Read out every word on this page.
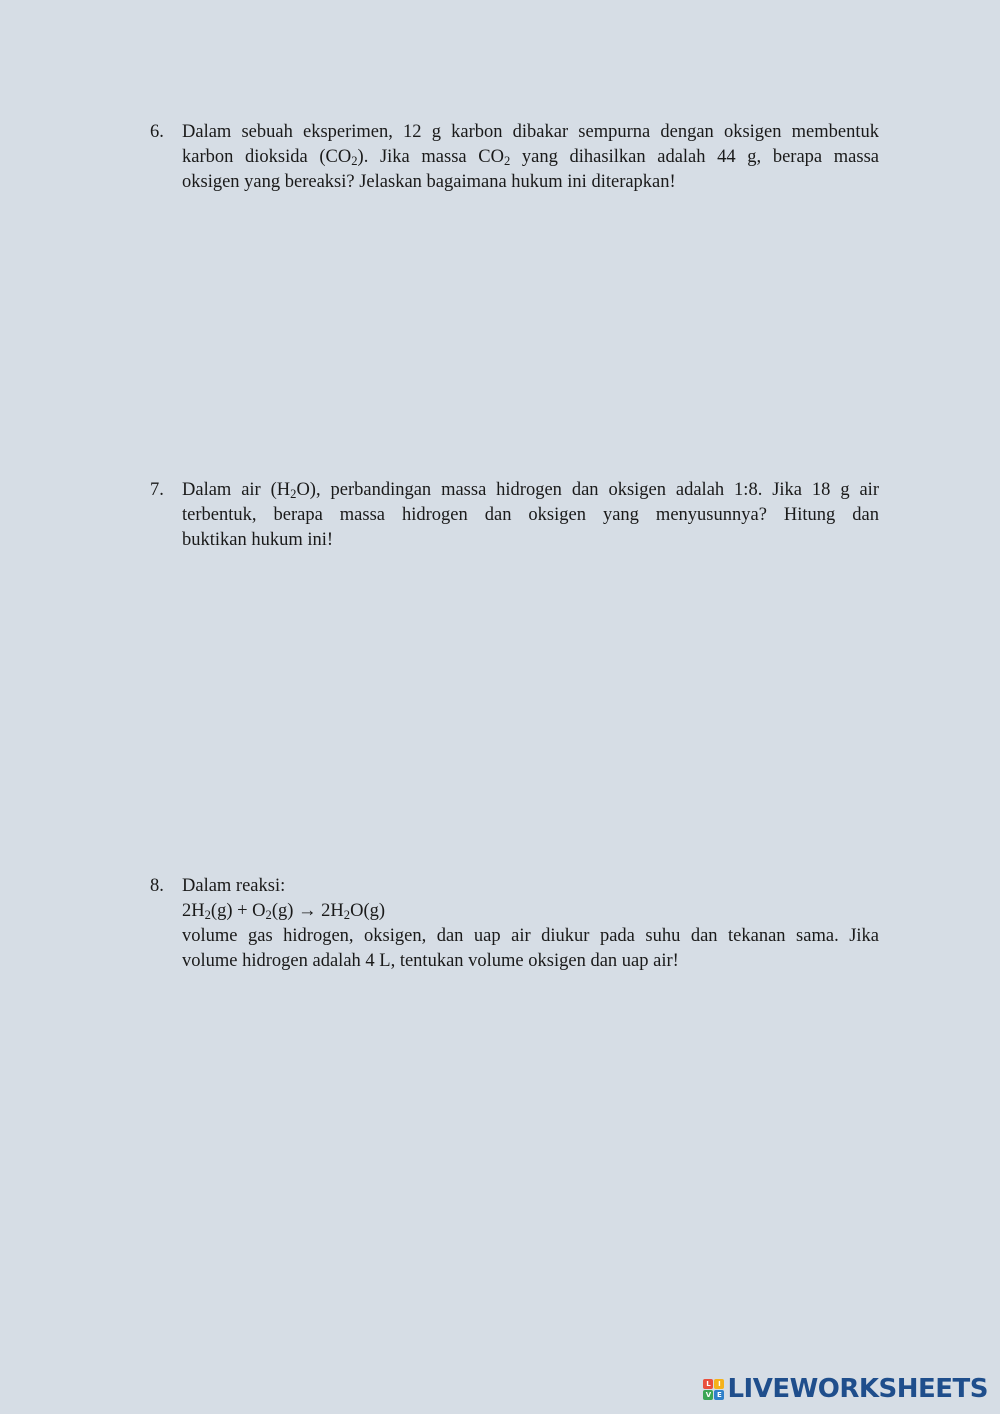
6. Dalam sebuah eksperimen, 12 g karbon dibakar sempurna dengan oksigen membentuk
karbon dioksida $(CO_2)$. Jika massa $CO_2$ yang dihasilkan adalah 44 g, berapa massa
oksigen yang bereaksi? Jelaskan bagaimana hukum ini diterapkan!
7. Dalam air $(H_2O)$, perbandingan massa hidrogen dan oksigen adalah 1:8. Jika 18 g air
terbentuk, berapa massa hidrogen dan oksigen yang menyusunnya? Hitung dan
buktikan hukum ini!
8. Dalam reaksi:
$2H_2(g) + O_2(g) \to 2H_2O(g)$
volume gas hidrogen, oksigen, dan uap air diukur pada suhu dan tekanan sama. Jika
volume hidrogen adalah 4 L, tentukan volume oksigen dan uap air!
L	I
V E LIVEWORKSHEETS
